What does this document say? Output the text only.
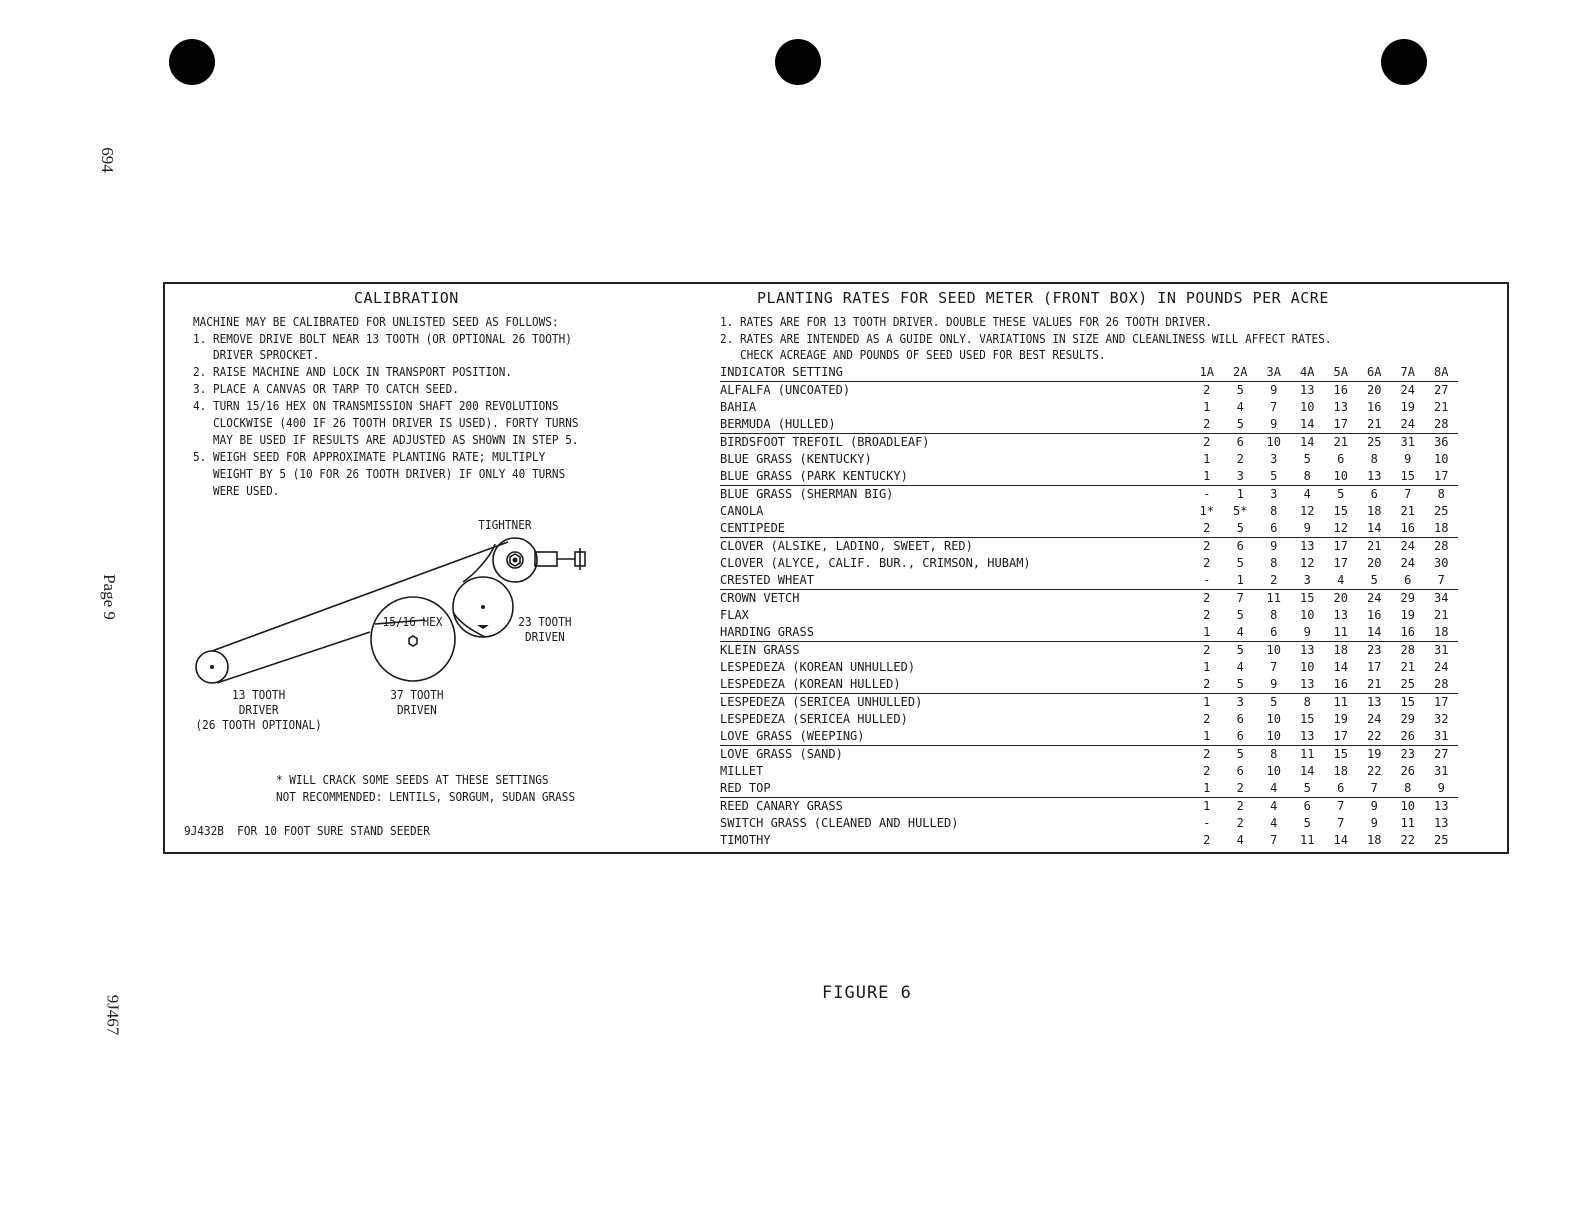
694
Page 9
9J467
CALIBRATION
MACHINE MAY BE CALIBRATED FOR UNLISTED SEED AS FOLLOWS:
1. REMOVE DRIVE BOLT NEAR 13 TOOTH (OR OPTIONAL 26 TOOTH)
DRIVER SPROCKET.
2. RAISE MACHINE AND LOCK IN TRANSPORT POSITION.
3. PLACE A CANVAS OR TARP TO CATCH SEED.
4. TURN 15/16 HEX ON TRANSMISSION SHAFT 200 REVOLUTIONS
CLOCKWISE (400 IF 26 TOOTH DRIVER IS USED). FORTY TURNS
MAY BE USED IF RESULTS ARE ADJUSTED AS SHOWN IN STEP 5.
5. WEIGH SEED FOR APPROXIMATE PLANTING RATE; MULTIPLY
WEIGHT BY 5 (10 FOR 26 TOOTH DRIVER) IF ONLY 40 TURNS
WERE USED.
TIGHTNER
15/16 HEX	23 TOOTH
DRIVEN
13 TOOTH
DRIVER
(26 TOOTH OPTIONAL)
37 TOOTH
DRIVEN
* WILL CRACK SOME SEEDS AT THESE SETTINGS
NOT RECOMMENDED: LENTILS, SORGUM, SUDAN GRASS
9J432B  FOR 10 FOOT SURE STAND SEEDER
PLANTING RATES FOR SEED METER (FRONT BOX) IN POUNDS PER ACRE
1. RATES ARE FOR 13 TOOTH DRIVER. DOUBLE THESE VALUES FOR 26 TOOTH DRIVER.
2. RATES ARE INTENDED AS A GUIDE ONLY. VARIATIONS IN SIZE AND CLEANLINESS WILL AFFECT RATES.
CHECK ACREAGE AND POUNDS OF SEED USED FOR BEST RESULTS.
INDICATOR SETTING	1A	2A	3A	4A	5A	6A	7A	8A
ALFALFA (UNCOATED)	2	5	9	13	16	20	24	27
BAHIA	1	4	7	10	13	16	19	21
BERMUDA (HULLED)	2	5	9	14	17	21	24	28
BIRDSFOOT TREFOIL (BROADLEAF)	2	6	10	14	21	25	31	36
BLUE GRASS (KENTUCKY)	1	2	3	5	6	8	9	10
BLUE GRASS (PARK KENTUCKY)	1	3	5	8	10	13	15	17
BLUE GRASS (SHERMAN BIG)	-	1	3	4	5	6	7	8
CANOLA	1*	5*	8	12	15	18	21	25
CENTIPEDE	2	5	6	9	12	14	16	18
CLOVER (ALSIKE, LADINO, SWEET, RED)	2	6	9	13	17	21	24	28
CLOVER (ALYCE, CALIF. BUR., CRIMSON, HUBAM)	2	5	8	12	17	20	24	30
CRESTED WHEAT	-	1	2	3	4	5	6	7
CROWN VETCH	2	7	11	15	20	24	29	34
FLAX	2	5	8	10	13	16	19	21
HARDING GRASS	1	4	6	9	11	14	16	18
KLEIN GRASS	2	5	10	13	18	23	28	31
LESPEDEZA (KOREAN UNHULLED)	1	4	7	10	14	17	21	24
LESPEDEZA (KOREAN HULLED)	2	5	9	13	16	21	25	28
LESPEDEZA (SERICEA UNHULLED)	1	3	5	8	11	13	15	17
LESPEDEZA (SERICEA HULLED)	2	6	10	15	19	24	29	32
LOVE GRASS (WEEPING)	1	6	10	13	17	22	26	31
LOVE GRASS (SAND)	2	5	8	11	15	19	23	27
MILLET	2	6	10	14	18	22	26	31
RED TOP	1	2	4	5	6	7	8	9
REED CANARY GRASS	1	2	4	6	7	9	10	13
SWITCH GRASS (CLEANED AND HULLED)	-	2	4	5	7	9	11	13
TIMOTHY	2	4	7	11	14	18	22	25
FIGURE 6
